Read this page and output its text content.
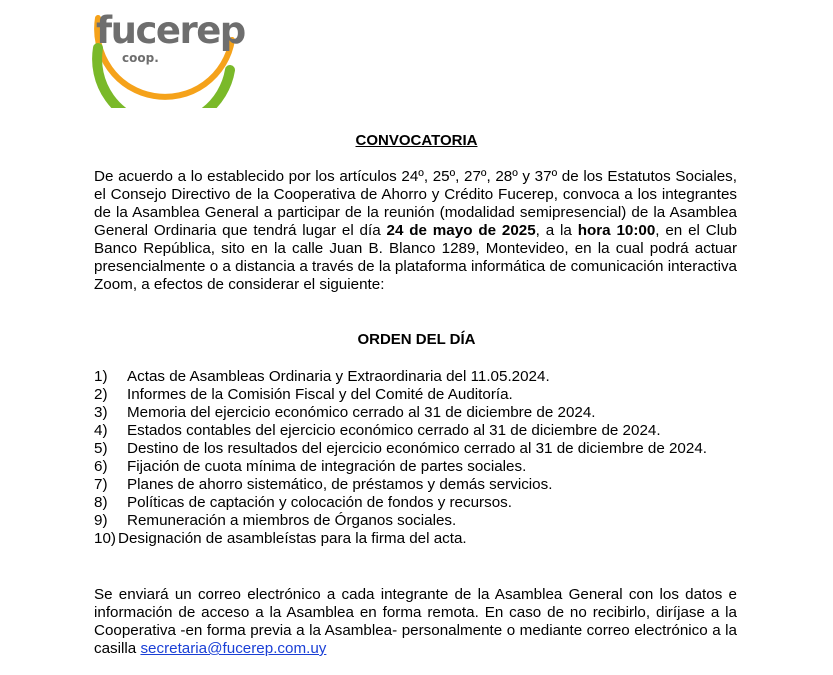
fucerep
coop.
CONVOCATORIA
De acuerdo a lo establecido por los artículos 24º, 25º, 27º, 28º y 37º de los Estatutos Sociales, el Consejo Directivo de la Cooperativa de Ahorro y Crédito Fucerep, convoca a los integrantes de la Asamblea General a participar de la reunión (modalidad semipresencial) de la Asamblea General Ordinaria que tendrá lugar el día 24 de mayo de 2025, a la hora 10:00, en el Club Banco República, sito en la calle Juan B. Blanco 1289, Montevideo, en la cual podrá actuar presencialmente o a distancia a través de la plataforma informática de comunicación interactiva Zoom, a efectos de considerar el siguiente:
ORDEN DEL DÍA
1)	Actas de Asambleas Ordinaria y Extraordinaria del 11.05.2024.
2)	Informes de la Comisión Fiscal y del Comité de Auditoría.
3)	Memoria del ejercicio económico cerrado al 31 de diciembre de 2024.
4)	Estados contables del ejercicio económico cerrado al 31 de diciembre de 2024.
5)	Destino de los resultados del ejercicio económico cerrado al 31 de diciembre de 2024.
6)	Fijación de cuota mínima de integración de partes sociales.
7)	Planes de ahorro sistemático, de préstamos y demás servicios.
8)	Políticas de captación y colocación de fondos y recursos.
9)	Remuneración a miembros de Órganos sociales.
10) Designación de asambleístas para la firma del acta.
Se enviará un correo electrónico a cada integrante de la Asamblea General con los datos e información de acceso a la Asamblea en forma remota. En caso de no recibirlo, diríjase a la Cooperativa -en forma previa a la Asamblea- personalmente o mediante correo electrónico a la casilla secretaria@fucerep.com.uy
